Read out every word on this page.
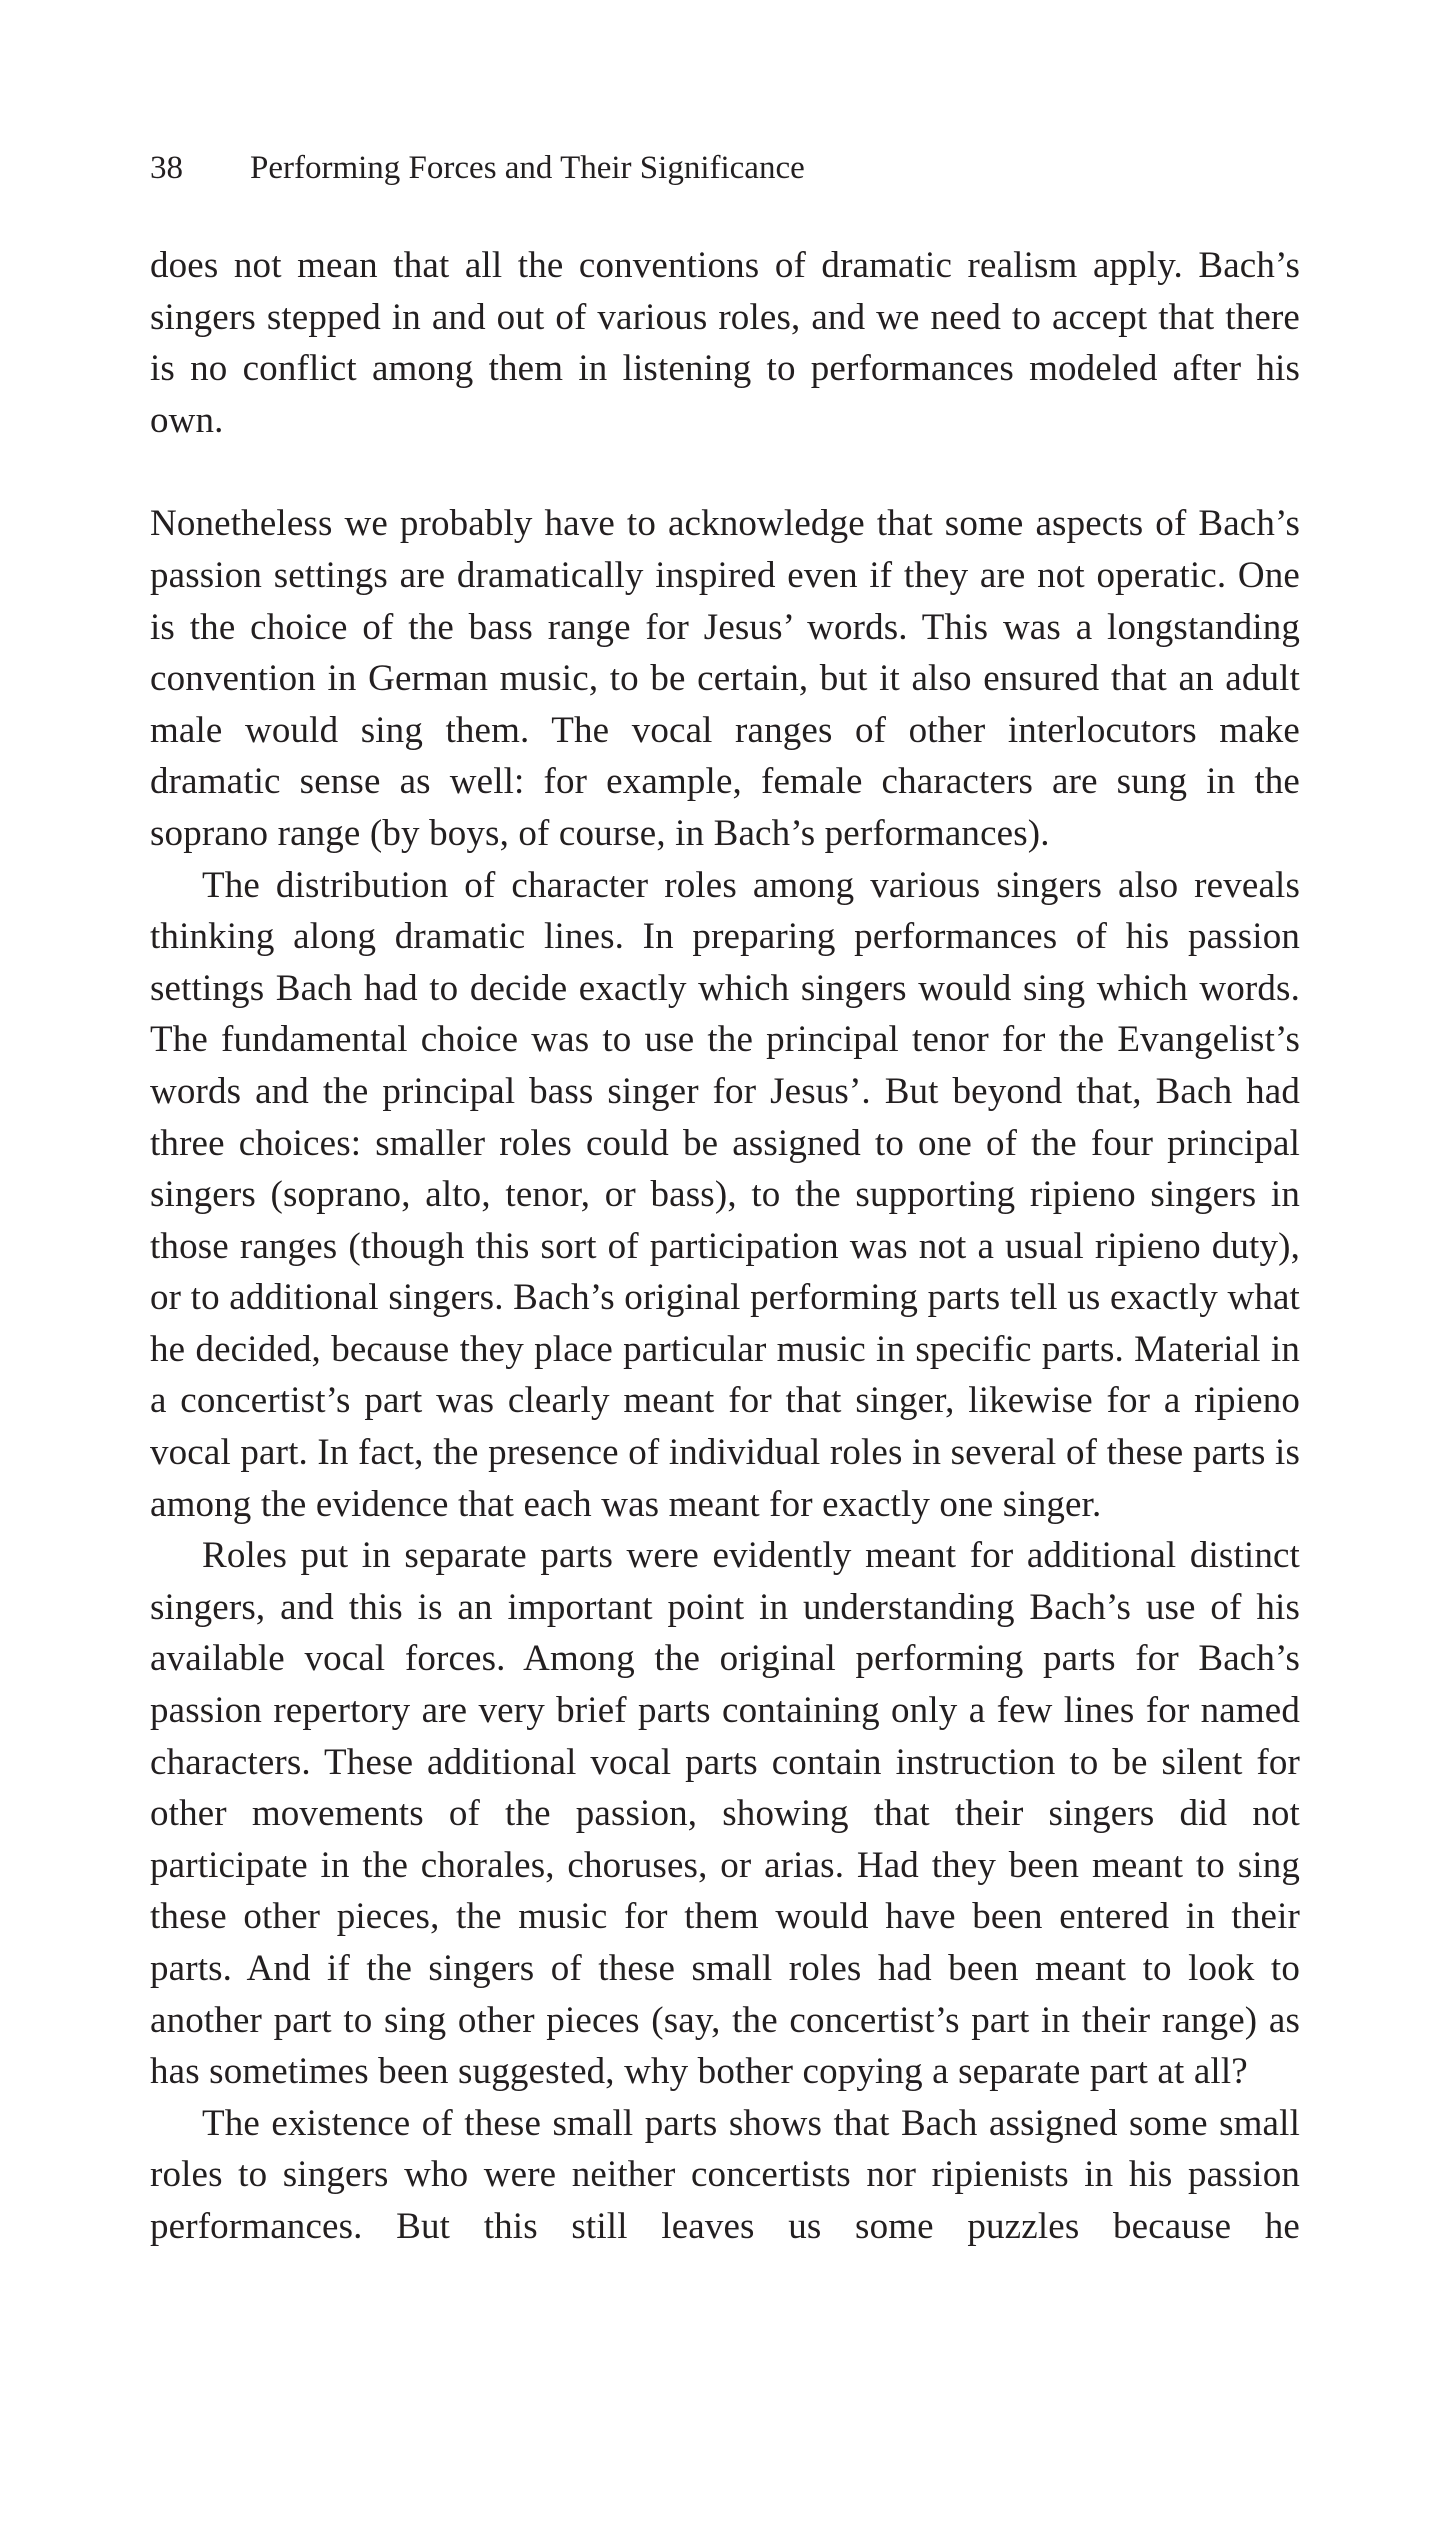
38 Performing Forces and Their Significance

does not mean that all the conventions of dramatic realism apply. Bach’s singers stepped in and out of various roles, and we need to accept that there is no conflict among them in listening to performances modeled after his own.

Nonetheless we probably have to acknowledge that some aspects of Bach’s passion settings are dramatically inspired even if they are not operatic. One is the choice of the bass range for Jesus’ words. This was a longstanding convention in German music, to be certain, but it also ensured that an adult male would sing them. The vocal ranges of other interlocutors make dramatic sense as well: for example, female characters are sung in the soprano range (by boys, of course, in Bach’s performances).

The distribution of character roles among various singers also reveals thinking along dramatic lines. In preparing performances of his passion settings Bach had to decide exactly which singers would sing which words. The fundamental choice was to use the principal tenor for the Evangelist’s words and the principal bass singer for Jesus’. But beyond that, Bach had three choices: smaller roles could be assigned to one of the four principal singers (soprano, alto, tenor, or bass), to the supporting ripieno singers in those ranges (though this sort of participation was not a usual ripieno duty), or to additional singers. Bach’s original performing parts tell us exactly what he decided, because they place particular music in specific parts. Material in a concertist’s part was clearly meant for that singer, likewise for a ripieno vocal part. In fact, the presence of individual roles in several of these parts is among the evidence that each was meant for exactly one singer.

Roles put in separate parts were evidently meant for additional distinct singers, and this is an important point in understanding Bach’s use of his available vocal forces. Among the original performing parts for Bach’s passion repertory are very brief parts containing only a few lines for named characters. These additional vocal parts contain instruction to be silent for other movements of the passion, showing that their singers did not participate in the chorales, choruses, or arias. Had they been meant to sing these other pieces, the music for them would have been entered in their parts. And if the singers of these small roles had been meant to look to another part to sing other pieces (say, the concertist’s part in their range) as has sometimes been suggested, why bother copying a separate part at all?

The existence of these small parts shows that Bach assigned some small roles to singers who were neither concertists nor ripienists in his passion performances. But this still leaves us some puzzles because he
